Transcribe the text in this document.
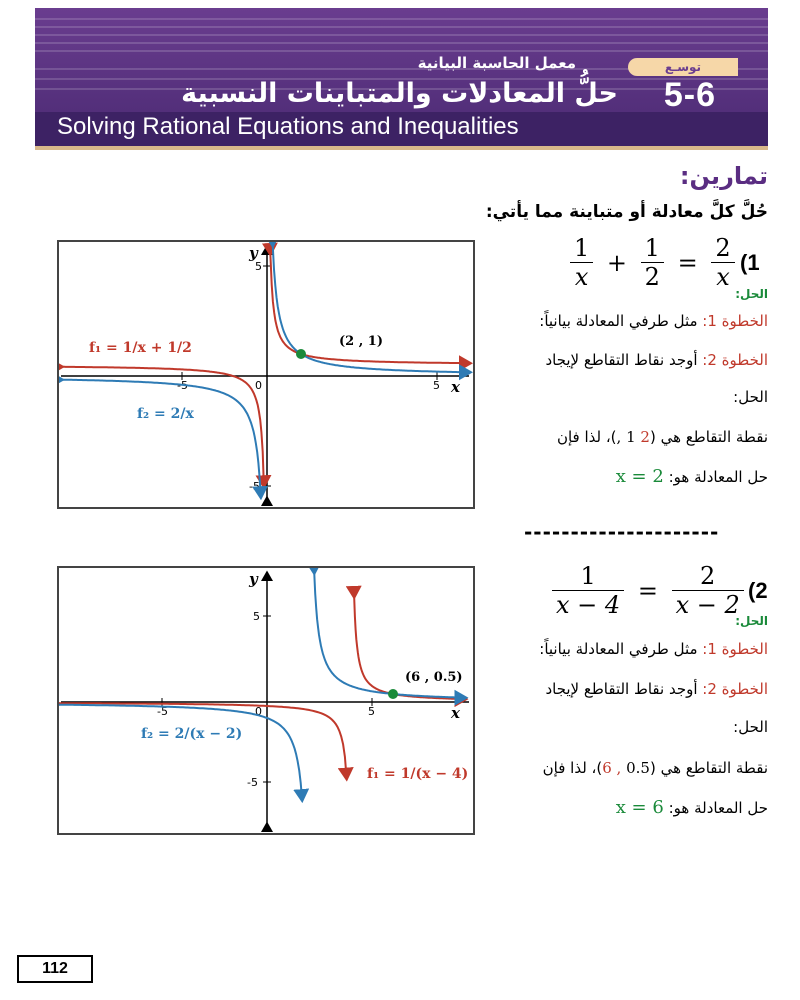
معمل الحاسبة البيانية	توسـع
5-6
حلُّ المعادلات والمتباينات النسبية
Solving Rational Equations and Inequalities
تمارين:
حُلَّ كلَّ معادلة أو متباينة مما يأتي:
$\frac{1}{x} + \frac{1}{2} = \frac{2}{x} (1$
الحل:
الخطوة 1: مثل طرفي المعادلة بيانياً:
الخطوة 2: أوجد نقاط التقاطع لإيجاد
الحل:
نقطة التقاطع هي (2 1 ,)، لذا فإن
حل المعادلة هو: x = 2
---------------------
$\frac{1}{x - 4} = \frac{2}{x - 2} (2$
الحل:
الخطوة 1: مثل طرفي المعادلة بيانياً:
الخطوة 2: أوجد نقاط التقاطع لإيجاد
الحل:
نقطة التقاطع هي (0.5 , 6)، لذا فإن
حل المعادلة هو: x = 6
-5	5
0
5
-5
x
y
(2 , 1)
f₁ = 1/x + 1/2
f₂ = 2/x
-5	5
0
5
-5
x
y
(6 , 0.5)
f₁ = 1/(x − 4)
f₂ = 2/(x − 2)
112
